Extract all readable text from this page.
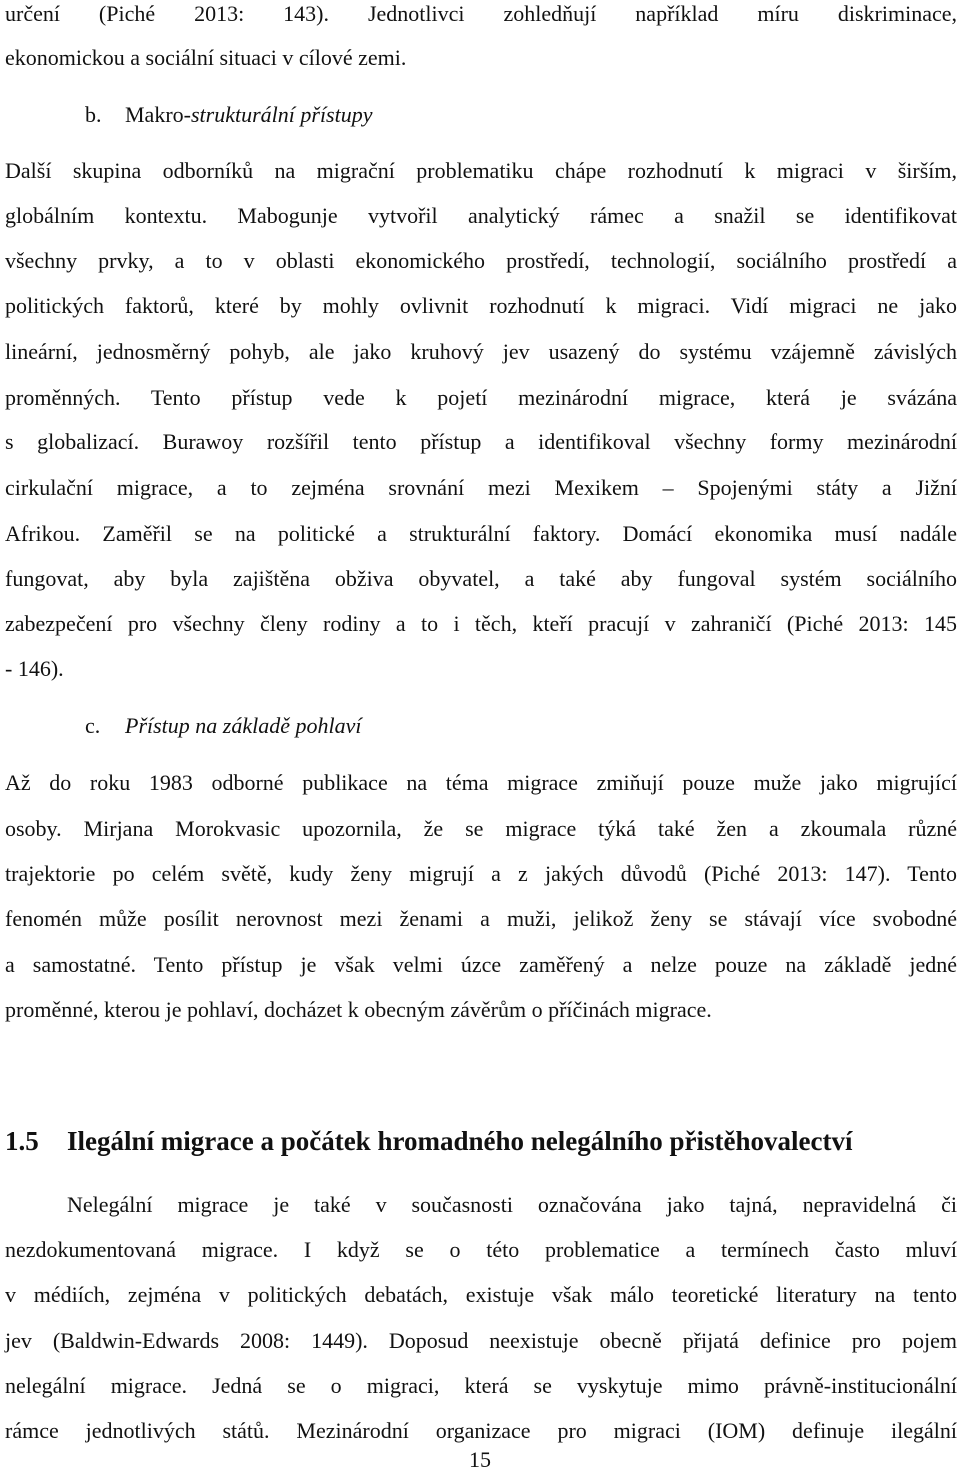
určení (Piché 2013: 143). Jednotlivci zohledňují například míru diskriminace,
ekonomickou a sociální situaci v cílové zemi.
b. Makro-strukturální přístupy
Další skupina odborníků na migrační problematiku chápe rozhodnutí k migraci v širším,
globálním kontextu. Mabogunje vytvořil analytický rámec a snažil se identifikovat
všechny prvky, a to v oblasti ekonomického prostředí, technologií, sociálního prostředí a
politických faktorů, které by mohly ovlivnit rozhodnutí k migraci. Vidí migraci ne jako
lineární, jednosměrný pohyb, ale jako kruhový jev usazený do systému vzájemně závislých
proměnných. Tento přístup vede k pojetí mezinárodní migrace, která je svázána
s globalizací. Burawoy rozšířil tento přístup a identifikoval všechny formy mezinárodní
cirkulační migrace, a to zejména srovnání mezi Mexikem – Spojenými státy a Jižní
Afrikou. Zaměřil se na politické a strukturální faktory. Domácí ekonomika musí nadále
fungovat, aby byla zajištěna obživa obyvatel, a také aby fungoval systém sociálního
zabezpečení pro všechny členy rodiny a to i těch, kteří pracují v zahraničí (Piché 2013: 145
- 146).
c. Přístup na základě pohlaví
Až do roku 1983 odborné publikace na téma migrace zmiňují pouze muže jako migrující
osoby. Mirjana Morokvasic upozornila, že se migrace týká také žen a zkoumala různé
trajektorie po celém světě, kudy ženy migrují a z jakých důvodů (Piché 2013: 147). Tento
fenomén může posílit nerovnost mezi ženami a muži, jelikož ženy se stávají více svobodné
a samostatné. Tento přístup je však velmi úzce zaměřený a nelze pouze na základě jedné
proměnné, kterou je pohlaví, docházet k obecným závěrům o příčinách migrace.
1.5 Ilegální migrace a počátek hromadného nelegálního přistěhovalectví
Nelegální migrace je také v současnosti označována jako tajná, nepravidelná či
nezdokumentovaná migrace. I když se o této problematice a termínech často mluví
v médiích, zejména v politických debatách, existuje však málo teoretické literatury na tento
jev (Baldwin-Edwards 2008: 1449). Doposud neexistuje obecně přijatá definice pro pojem
nelegální migrace. Jedná se o migraci, která se vyskytuje mimo právně-institucionální
rámce jednotlivých států. Mezinárodní organizace pro migraci (IOM) definuje ilegální
15
